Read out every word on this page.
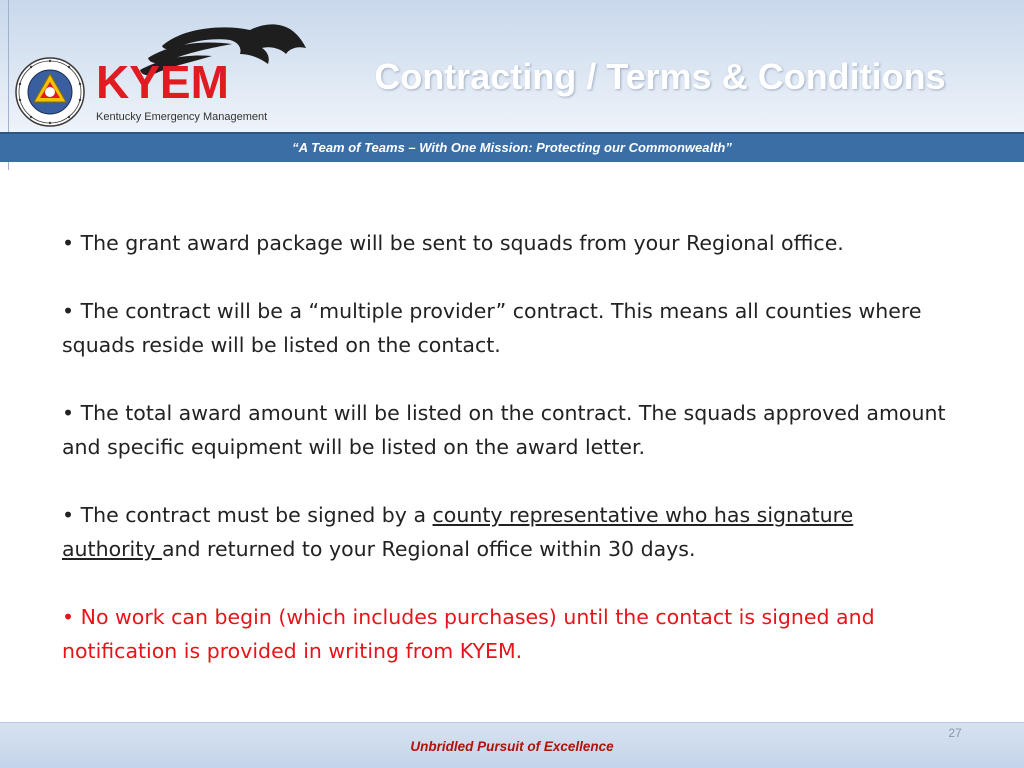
KYEM
Kentucky Emergency Management
Contracting / Terms & Conditions
“A Team of Teams – With One Mission: Protecting our Commonwealth”

• The grant award package will be sent to squads from your Regional office.

• The contract will be a “multiple provider” contract. This means all counties where squads reside will be listed on the contact.

• The total award amount will be listed on the contract. The squads approved amount and specific equipment will be listed on the award letter.

• The contract must be signed by a county representative who has signature authority and returned to your Regional office within 30 days.

• No work can begin (which includes purchases) until the contact is signed and notification is provided in writing from KYEM.

Unbridled Pursuit of Excellence
27
